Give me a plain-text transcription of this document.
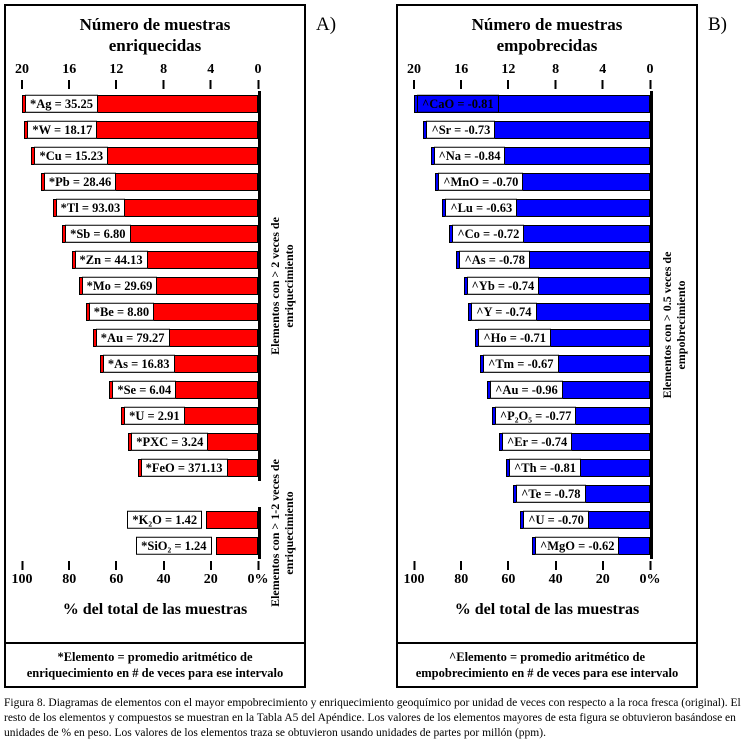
Número de muestras
enriquecidas
20 16 12	8	4	0
*Ag = 35.25
*W = 18.17
*Cu = 15.23
*Pb = 28.46
*Tl = 93.03
*Sb = 6.80
*Zn = 44.13
*Mo = 29.69
*Be = 8.80
*Au = 79.27
*As = 16.83
*Se = 6.04
*U = 2.91
*PXC = 3.24
*FeO = 371.13
*K₂O = 1.42
*SiO₂ = 1.24
100 80 60 40 20 0%
Elementos con > 2 veces de enriquecimiento
Elementos con > 1-2 veces de enriquecimiento
% del total de las muestras
*Elemento = promedio aritmético de enriquecimiento en # de veces para ese intervalo
A)	Número de muestras
empobrecidas
20 16 12	8	4	0
^CaO = -0.81
^Sr = -0.73
^Na = -0.84
^MnO = -0.70
^Lu = -0.63
^Co = -0.72
^As = -0.78
^Yb = -0.74
^Y = -0.74
^Ho = -0.71
^Tm = -0.67
^Au = -0.96
^P₂O₅ = -0.77
^Er = -0.74
^Th = -0.81
^Te = -0.78
^U = -0.70
^MgO = -0.62
100 80 60 40 20 0%
Elementos con > 0.5 veces de empobrecimiento
% del total de las muestras
^Elemento = promedio aritmético de empobrecimiento en # de veces para ese intervalo
B)
Figura 8. Diagramas de elementos con el mayor empobrecimiento y enriquecimiento geoquímico por unidad de veces con respecto a la roca fresca (original). El resto de los elementos y compuestos se muestran en la Tabla A5 del Apéndice. Los valores de los elementos mayores de esta figura se obtuvieron basándose en unidades de % en peso. Los valores de los elementos traza se obtuvieron usando unidades de partes por millón (ppm).
